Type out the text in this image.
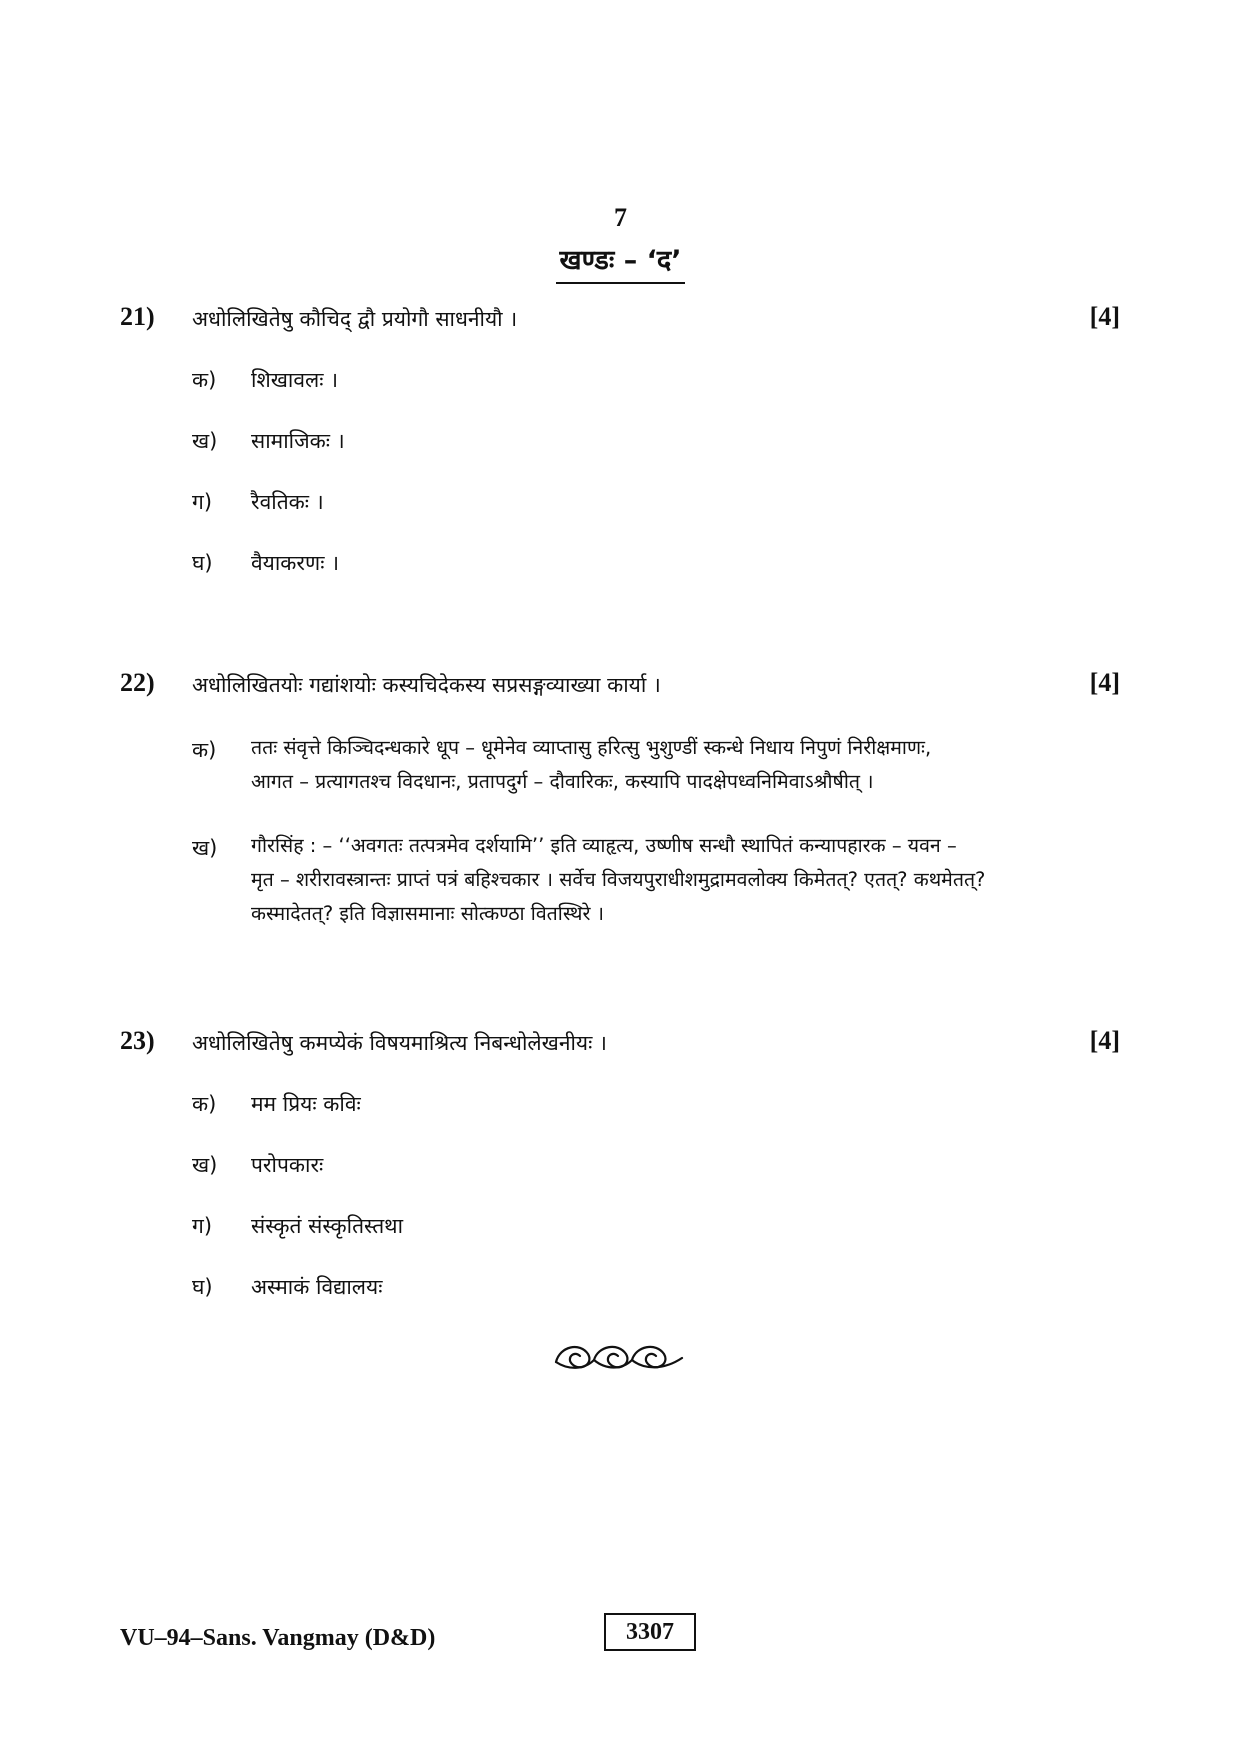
7
खण्डः – ‘द’
21)	अधोलिखितेषु कौचिद् द्वौ प्रयोगौ साधनीयौ ।	[4]
क)	शिखावलः ।
ख)	सामाजिकः ।
ग)	रैवतिकः ।
घ)	वैयाकरणः ।
22)	अधोलिखितयोः गद्यांशयोः कस्यचिदेकस्य सप्रसङ्गव्याख्या कार्या ।	[4]
क)	ततः संवृत्ते किञ्चिदन्धकारे धूप – धूमेनेव व्याप्तासु हरित्सु भुशुण्डीं स्कन्धे निधाय निपुणं निरीक्षमाणः,
आगत – प्रत्यागतश्च विदधानः, प्रतापदुर्ग – दौवारिकः, कस्यापि पादक्षेपध्वनिमिवाऽश्रौषीत् ।
ख)	गौरसिंह : – ‘‘अवगतः तत्पत्रमेव दर्शयामि’’ इति व्याहृत्य, उष्णीष सन्धौ स्थापितं कन्यापहारक – यवन –
मृत – शरीरावस्त्रान्तः प्राप्तं पत्रं बहिश्चकार । सर्वेच विजयपुराधीशमुद्रामवलोक्य किमेतत्? एतत्? कथमेतत्?
कस्मादेतत्? इति विज्ञासमानाः सोत्कण्ठा वितस्थिरे ।
23)	अधोलिखितेषु कमप्येकं विषयमाश्रित्य निबन्धोलेखनीयः ।	[4]
क)	मम प्रियः कविः
ख)	परोपकारः
ग)	संस्कृतं संस्कृतिस्तथा
घ)	अस्माकं विद्यालयः
VU–94–Sans. Vangmay (D&D)	3307
